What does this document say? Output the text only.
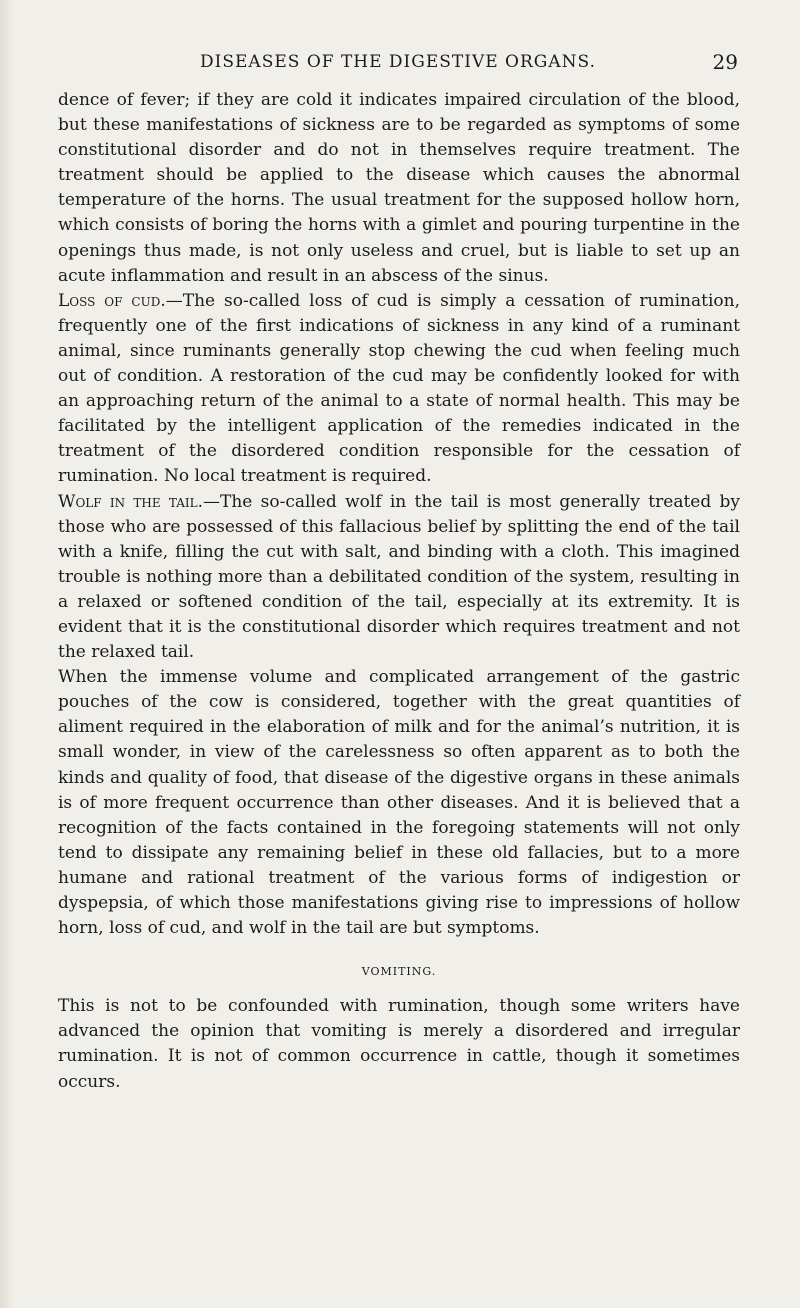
DISEASES OF THE DIGESTIVE ORGANS.	29

dence of fever; if they are cold it indicates impaired circulation of the blood, but these manifestations of sickness are to be regarded as symptoms of some constitutional disorder and do not in themselves require treatment. The treatment should be applied to the disease which causes the abnormal temperature of the horns. The usual treatment for the supposed hollow horn, which consists of boring the horns with a gimlet and pouring turpentine in the openings thus made, is not only useless and cruel, but is liable to set up an acute inflammation and result in an abscess of the sinus.

Loss of cud.—The so-called loss of cud is simply a cessation of rumination, frequently one of the first indications of sickness in any kind of a ruminant animal, since ruminants generally stop chewing the cud when feeling much out of condition. A restoration of the cud may be confidently looked for with an approaching return of the animal to a state of normal health. This may be facilitated by the intelligent application of the remedies indicated in the treatment of the disordered condition responsible for the cessation of rumination. No local treatment is required.

Wolf in the tail.—The so-called wolf in the tail is most generally treated by those who are possessed of this fallacious belief by splitting the end of the tail with a knife, filling the cut with salt, and binding with a cloth. This imagined trouble is nothing more than a debilitated condition of the system, resulting in a relaxed or softened condition of the tail, especially at its extremity. It is evident that it is the constitutional disorder which requires treatment and not the relaxed tail.

When the immense volume and complicated arrangement of the gastric pouches of the cow is considered, together with the great quantities of aliment required in the elaboration of milk and for the animal’s nutrition, it is small wonder, in view of the carelessness so often apparent as to both the kinds and quality of food, that disease of the digestive organs in these animals is of more frequent occurrence than other diseases. And it is believed that a recognition of the facts contained in the foregoing statements will not only tend to dissipate any remaining belief in these old fallacies, but to a more humane and rational treatment of the various forms of indigestion or dyspepsia, of which those manifestations giving rise to impressions of hollow horn, loss of cud, and wolf in the tail are but symptoms.

VOMITING.

This is not to be confounded with rumination, though some writers have advanced the opinion that vomiting is merely a disordered and irregular rumination. It is not of common occurrence in cattle, though it sometimes occurs.
